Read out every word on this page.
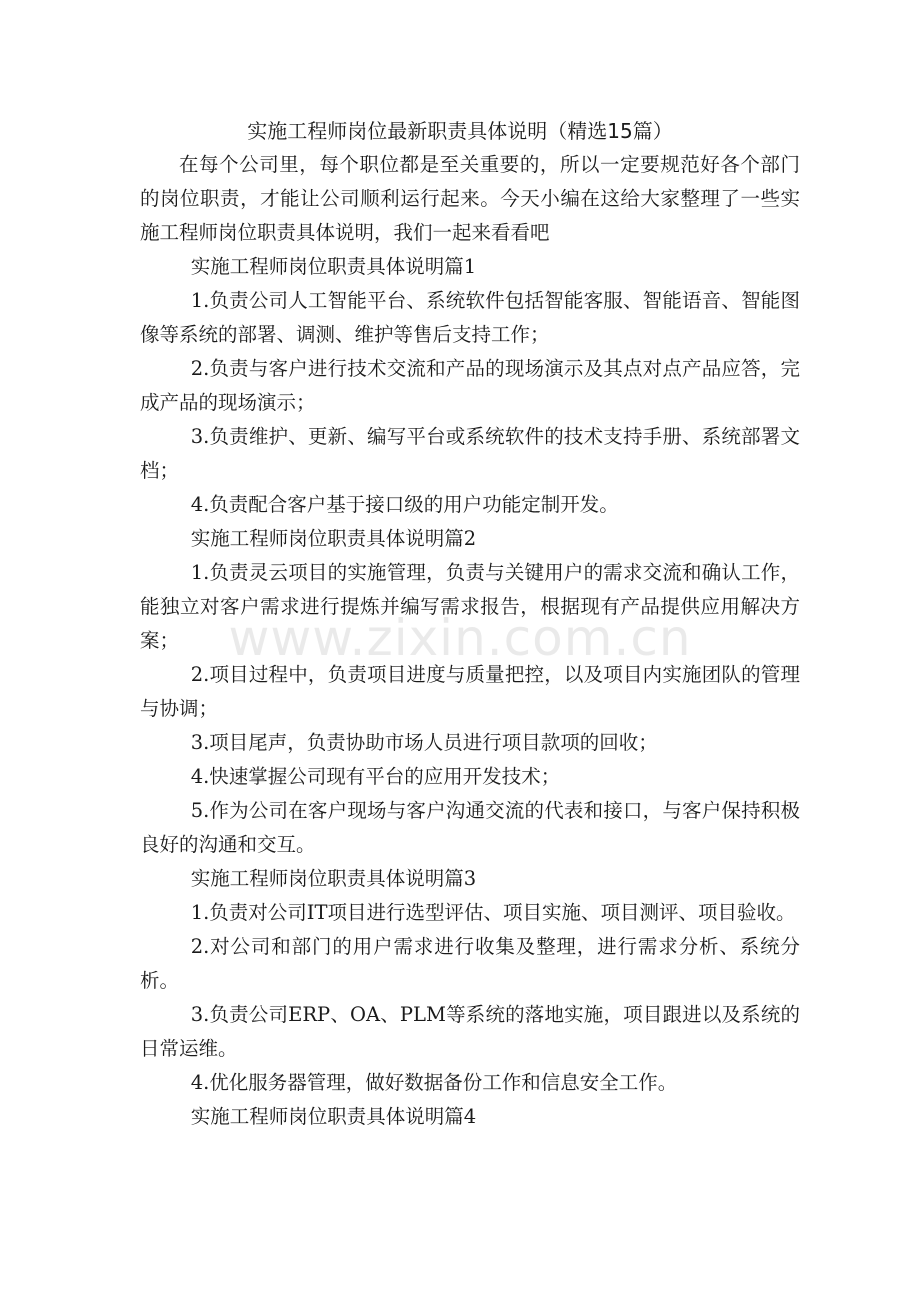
实施工程师岗位最新职责具体说明（精选15篇）

在每个公司里，每个职位都是至关重要的，所以一定要规范好各个部门的岗位职责，才能让公司顺利运行起来。今天小编在这给大家整理了一些实施工程师岗位职责具体说明，我们一起来看看吧

实施工程师岗位职责具体说明篇1

1.负责公司人工智能平台、系统软件包括智能客服、智能语音、智能图像等系统的部署、调测、维护等售后支持工作；

2.负责与客户进行技术交流和产品的现场演示及其点对点产品应答，完成产品的现场演示；

3.负责维护、更新、编写平台或系统软件的技术支持手册、系统部署文档；

4.负责配合客户基于接口级的用户功能定制开发。

实施工程师岗位职责具体说明篇2

1.负责灵云项目的实施管理，负责与关键用户的需求交流和确认工作，能独立对客户需求进行提炼并编写需求报告，根据现有产品提供应用解决方案；

2.项目过程中，负责项目进度与质量把控，以及项目内实施团队的管理与协调；

3.项目尾声，负责协助市场人员进行项目款项的回收；

4.快速掌握公司现有平台的应用开发技术；

5.作为公司在客户现场与客户沟通交流的代表和接口，与客户保持积极良好的沟通和交互。

实施工程师岗位职责具体说明篇3

1.负责对公司IT项目进行选型评估、项目实施、项目测评、项目验收。

2.对公司和部门的用户需求进行收集及整理，进行需求分析、系统分析。

3.负责公司ERP、OA、PLM等系统的落地实施，项目跟进以及系统的日常运维。

4.优化服务器管理，做好数据备份工作和信息安全工作。

实施工程师岗位职责具体说明篇4

www.zixin.com.cn
